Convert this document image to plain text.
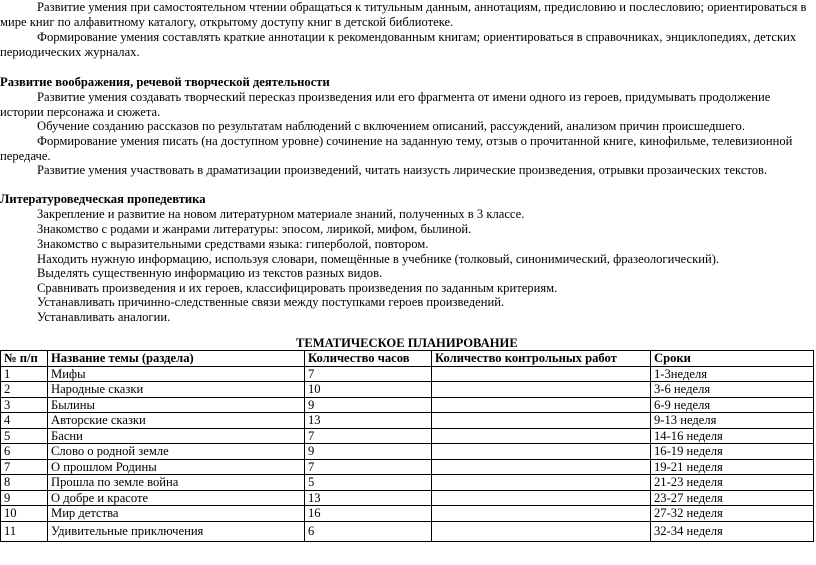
Развитие умения при самостоятельном чтении обращаться к титульным данным, аннотациям, предисловию и послесловию; ориентироваться в мире книг по алфавитному каталогу, открытому доступу книг в детской библиотеке.
Формирование умения составлять краткие аннотации к рекомендованным книгам; ориентироваться в справочниках, энциклопедиях, детских периодических журналах.
Развитие воображения, речевой творческой деятельности
Развитие умения создавать творческий пересказ произведения или его фрагмента от имени одного из героев, придумывать продолжение истории персонажа и сюжета.
Обучение созданию рассказов по результатам наблюдений с включением описаний, рассуждений, анализом причин происшедшего.
Формирование умения писать (на доступном уровне) сочинение на заданную тему, отзыв о прочитанной книге, кинофильме, телевизионной передаче.
Развитие умения участвовать в драматизации произведений, читать наизусть лирические произведения, отрывки прозаических текстов.
Литературоведческая пропедевтика
Закрепление и развитие на новом литературном материале знаний, полученных в 3 классе.
Знакомство с родами и жанрами литературы: эпосом, лирикой, мифом, былиной.
Знакомство с выразительными средствами языка: гиперболой, повтором.
Находить нужную информацию, используя словари, помещённые в учебнике (толковый, синонимический, фразеологический).
Выделять существенную информацию из текстов разных видов.
Сравнивать произведения и их героев, классифицировать произведения по заданным критериям.
Устанавливать причинно-следственные связи между поступками героев произведений.
Устанавливать аналогии.
ТЕМАТИЧЕСКОЕ ПЛАНИРОВАНИЕ
№ п/п	Название темы (раздела)	Количество часов	Количество контрольных работ	Сроки
1	Мифы	7		1-3неделя
2	Народные сказки	10		3-6 неделя
3	Былины	9		6-9 неделя
4	Авторские сказки	13		9-13 неделя
5	Басни	7		14-16 неделя
6	Слово о родной земле	9		16-19 неделя
7	О прошлом Родины	7		19-21 неделя
8	Прошла по земле война	5		21-23 неделя
9	О добре и красоте	13		23-27 неделя
10	Мир детства	16		27-32 неделя
11	Удивительные приключения	6		32-34 неделя
